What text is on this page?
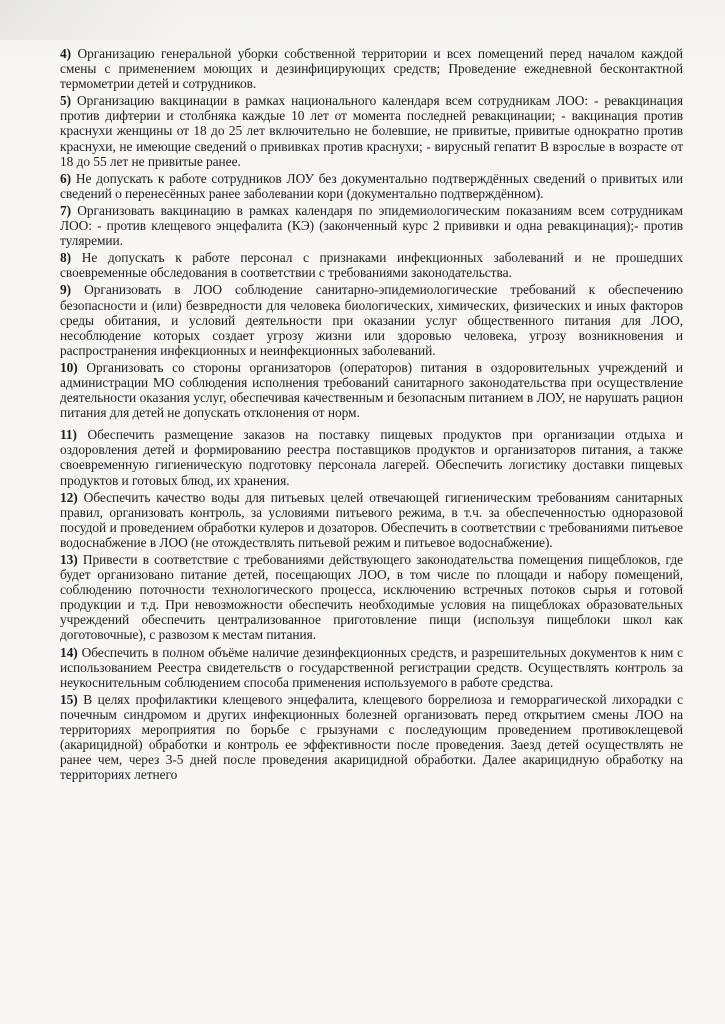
4) Организацию генеральной уборки собственной территории и всех помещений перед началом каждой смены с применением моющих и дезинфицирующих средств; Проведение ежедневной бесконтактной термометрии детей и сотрудников.

5) Организацию вакцинации в рамках национального календаря всем сотрудникам ЛОО: - ревакцинация против дифтерии и столбняка каждые 10 лет от момента последней ревакцинации; - вакцинация против краснухи женщины от 18 до 25 лет включительно не болевшие, не привитые, привитые однократно против краснухи, не имеющие сведений о прививках против краснухи; - вирусный гепатит В взрослые в возрасте от 18 до 55 лет не привитые ранее.

6) Не допускать к работе сотрудников ЛОУ без документально подтверждённых сведений о привитых или сведений о перенесённых ранее заболевании кори (документально подтверждённом).

7) Организовать вакцинацию в рамках календаря по эпидемиологическим показаниям всем сотрудникам ЛОО: - против клещевого энцефалита (КЭ) (законченный курс 2 прививки и одна ревакцинация);- против туляремии.

8) Не допускать к работе персонал с признаками инфекционных заболеваний и не прошедших своевременные обследования в соответствии с требованиями законодательства.

9) Организовать в ЛОО соблюдение санитарно-эпидемиологические требований к обеспечению безопасности и (или) безвредности для человека биологических, химических, физических и иных факторов среды обитания, и условий деятельности при оказании услуг общественного питания для ЛОО, несоблюдение которых создает угрозу жизни или здоровью человека, угрозу возникновения и распространения инфекционных и неинфекционных заболеваний.

10) Организовать со стороны организаторов (операторов) питания в оздоровительных учреждений и администрации МО соблюдения исполнения требований санитарного законодательства при осуществление деятельности оказания услуг, обеспечивая качественным и безопасным питанием в ЛОУ, не нарушать рацион питания для детей не допускать отклонения от норм.

11) Обеспечить размещение заказов на поставку пищевых продуктов при организации отдыха и оздоровления детей и формированию реестра поставщиков продуктов и организаторов питания, а также своевременную гигиеническую подготовку персонала лагерей. Обеспечить логистику доставки пищевых продуктов и готовых блюд, их хранения.

12) Обеспечить качество воды для питьевых целей отвечающей гигиеническим требованиям санитарных правил, организовать контроль, за условиями питьевого режима, в т.ч. за обеспеченностью одноразовой посудой и проведением обработки кулеров и дозаторов. Обеспечить в соответствии с требованиями питьевое водоснабжение в ЛОО (не отождествлять питьевой режим и питьевое водоснабжение).

13) Привести в соответствие с требованиями действующего законодательства помещения пищеблоков, где будет организовано питание детей, посещающих ЛОО, в том числе по площади и набору помещений, соблюдению поточности технологического процесса, исключению встречных потоков сырья и готовой продукции и т.д. При невозможности обеспечить необходимые условия на пищеблоках образовательных учреждений обеспечить централизованное приготовление пищи (используя пищеблоки школ как доготовочные), с развозом к местам питания.

14) Обеспечить в полном объёме наличие дезинфекционных средств, и разрешительных документов к ним с использованием Реестра свидетельств о государственной регистрации средств. Осуществлять контроль за неукоснительным соблюдением способа применения используемого в работе средства.

15) В целях профилактики клещевого энцефалита, клещевого боррелиоза и геморрагической лихорадки с почечным синдромом и других инфекционных болезней организовать перед открытием смены ЛОО на территориях мероприятия по борьбе с грызунами с последующим проведением противоклещевой (акарицидной) обработки и контроль ее эффективности после проведения. Заезд детей осуществлять не ранее чем, через 3-5 дней после проведения акарицидной обработки. Далее акарицидную обработку на территориях летнего
